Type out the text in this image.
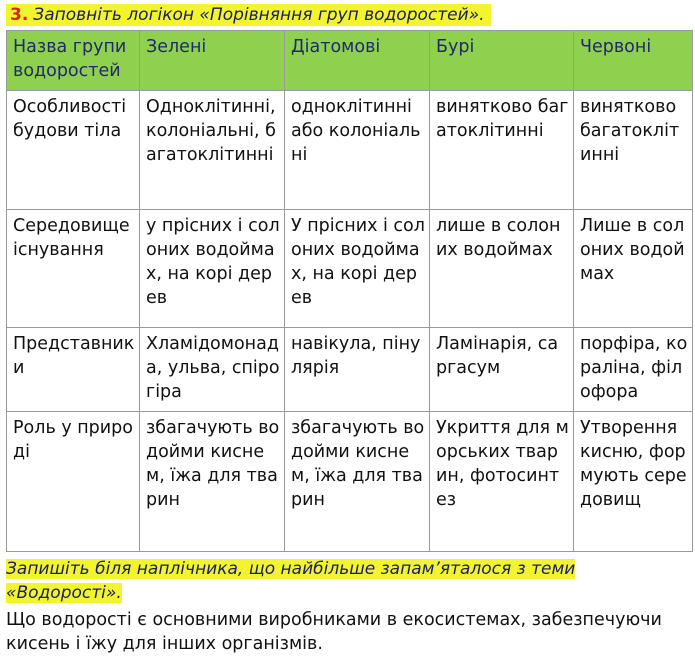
3. Заповніть логікон «Порівняння груп водоростей».
Назва групи водоростей	Зелені	Діатомові	Бурі	Червоні
Особливості будови тіла	Одноклітинні, колоніальні, багатоклітинні	одноклітинні або колоніальні	винятково багатоклітинні	винятково багатоклітинні
Середовище існування	у прісних і солоних водоймах, на корі дерев	У прісних і солоних водоймах, на корі дерев	лише в солоних водоймах	Лише в солоних водоймах
Представники	Хламідомонада, ульва, спірогіра	навікула, пінулярія	Ламінарія, саргасум	порфіра, кораліна, філофора
Роль у природі	збагачують водойми киснем, їжа для тварин	збагачують водойми киснем, їжа для тварин	Укриття для морських тварин, фотосинтез	Утворення кисню, формують середовищ
Запишіть біля наплічника, що найбільше запам’яталося з теми
«Водорості».
Що водорості є основними виробниками в екосистемах, забезпечуючи кисень і їжу для інших організмів.
